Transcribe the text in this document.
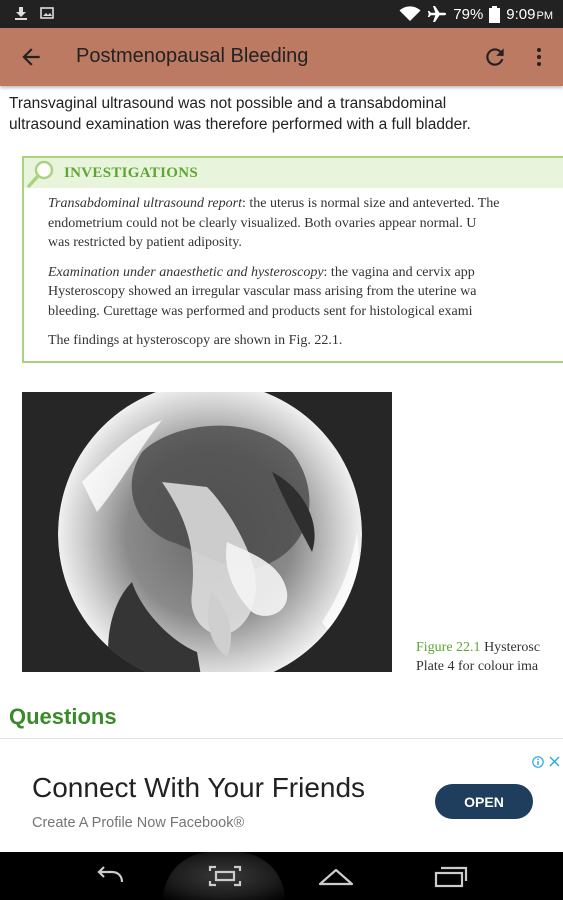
79% 9:09PM
Postmenopausal Bleeding
Transvaginal ultrasound was not possible and a transabdominal
ultrasound examination was therefore performed with a full bladder.
INVESTIGATIONS

Transabdominal ultrasound report: the uterus is normal size and anteverted. The
endometrium could not be clearly visualized. Both ovaries appear normal. U
was restricted by patient adiposity.

Examination under anaesthetic and hysteroscopy: the vagina and cervix app
Hysteroscopy showed an irregular vascular mass arising from the uterine wa
bleeding. Curettage was performed and products sent for histological exami

The findings at hysteroscopy are shown in Fig. 22.1.

Figure 22.1 Hysterosc
Plate 4 for colour ima
Questions
Connect With Your Friends
Create A Profile Now Facebook®
OPEN
